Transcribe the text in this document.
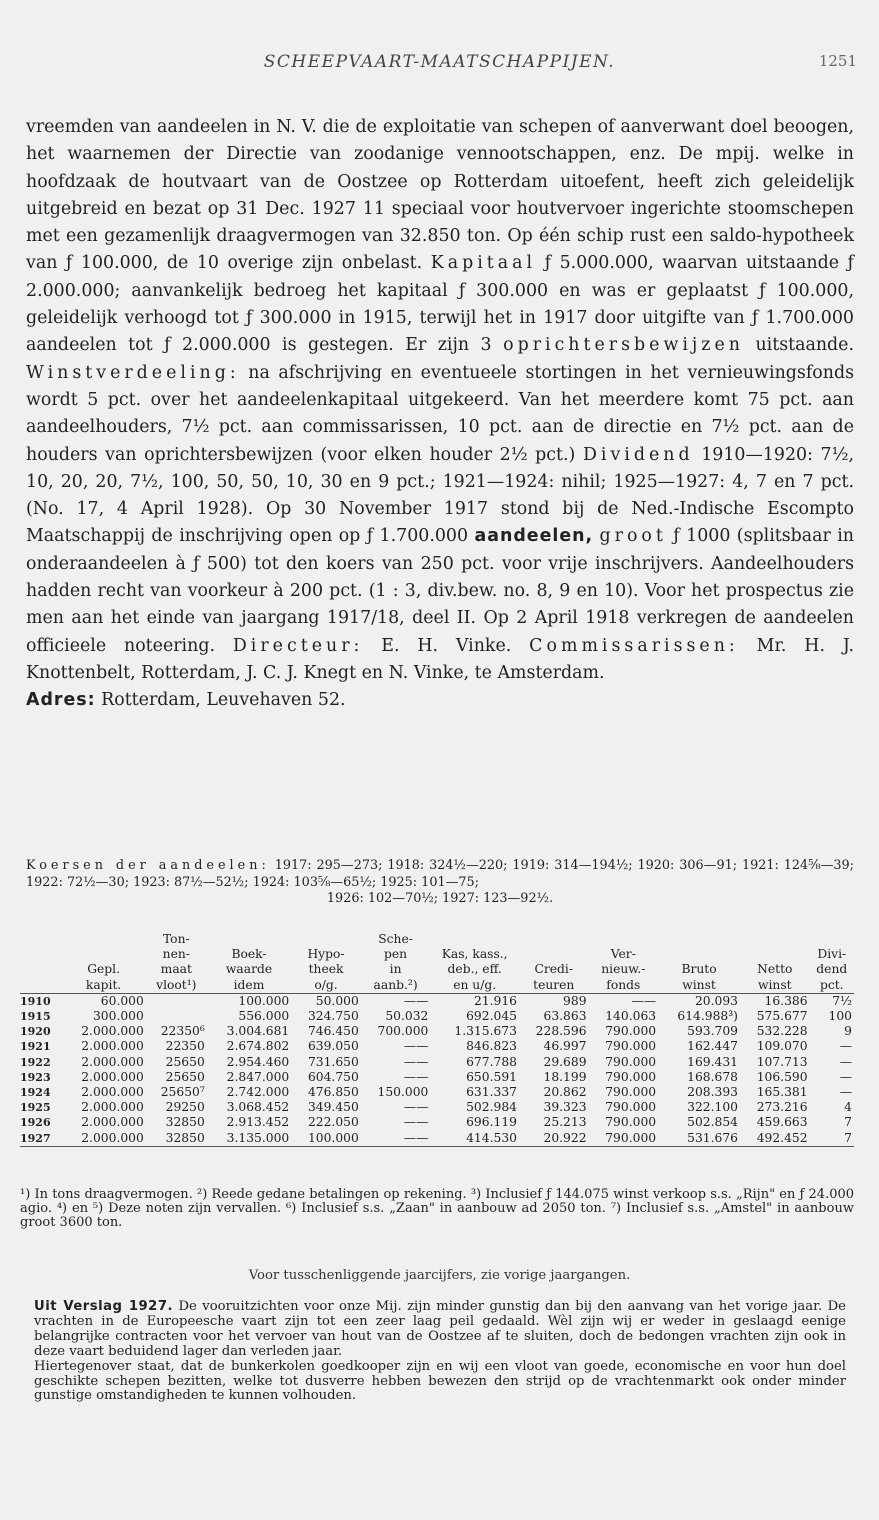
SCHEEPVAART-MAATSCHAPPIJEN.	1251

vreemden van aandeelen in N. V. die de exploitatie van schepen of aanverwant doel beoogen, het waarnemen der Directie van zoodanige vennootschappen, enz. De mpij. welke in hoofdzaak de houtvaart van de Oostzee op Rotterdam uitoefent, heeft zich geleidelijk uitgebreid en bezat op 31 Dec. 1927 11 speciaal voor houtvervoer ingerichte stoomschepen met een gezamenlijk draagvermogen van 32.850 ton. Op één schip rust een saldo-hypotheek van ƒ 100.000, de 10 overige zijn onbelast. Kapitaal ƒ 5.000.000, waarvan uitstaande ƒ 2.000.000; aanvankelijk bedroeg het kapitaal ƒ 300.000 en was er geplaatst ƒ 100.000, geleidelijk verhoogd tot ƒ 300.000 in 1915, terwijl het in 1917 door uitgifte van ƒ 1.700.000 aandeelen tot ƒ 2.000.000 is gestegen. Er zijn 3 oprichtersbewijzen uitstaande. Winstverdeeling: na afschrijving en eventueele stortingen in het vernieuwingsfonds wordt 5 pct. over het aandeelenkapitaal uitgekeerd. Van het meerdere komt 75 pct. aan aandeelhouders, 7½ pct. aan commissarissen, 10 pct. aan de directie en 7½ pct. aan de houders van oprichtersbewijzen (voor elken houder 2½ pct.) Dividend 1910—1920: 7½, 10, 20, 20, 7½, 100, 50, 50, 10, 30 en 9 pct.; 1921—1924: nihil; 1925—1927: 4, 7 en 7 pct. (No. 17, 4 April 1928). Op 30 November 1917 stond bij de Ned.-Indische Escompto Maatschappij de inschrijving open op ƒ 1.700.000 aandeelen, groot ƒ 1000 (splitsbaar in onderaandeelen à ƒ 500) tot den koers van 250 pct. voor vrije inschrijvers. Aandeelhouders hadden recht van voorkeur à 200 pct. (1 : 3, div.bew. no. 8, 9 en 10). Voor het prospectus zie men aan het einde van jaargang 1917/18, deel II. Op 2 April 1918 verkregen de aandeelen officieele noteering. Directeur: E. H. Vinke. Commissarissen: Mr. H. J. Knottenbelt, Rotterdam, J. C. J. Knegt en N. Vinke, te Amsterdam.
Adres: Rotterdam, Leuvehaven 52.

Koersen der aandeelen: 1917: 295—273; 1918: 324½—220; 1919: 314—194½; 1920: 306—91; 1921: 124⅝—39; 1922: 72½—30; 1923: 87½—52½; 1924: 103⅝—65½; 1925: 101—75;
1926: 102—70½; 1927: 123—92½.
		Ton-			Sche-						
		nen-	Boek-	Hypo-	pen	Kas, kass.,		Ver-			Divi-
	Gepl.	maat	waarde	theek	in	deb., eff.	Credi-	nieuw.-	Bruto	Netto	dend
	kapit.	vloot¹)	idem	o/g.	aanb.²)	en u/g.	teuren	fonds	winst	winst	pct.
1910	60.000		100.000	50.000	——	21.916	989	——	20.093	16.386	7½
1915	300.000		556.000	324.750	50.032	692.045	63.863	140.063	614.988³)	575.677	100
1920	2.000.000	22350⁶	3.004.681	746.450	700.000	1.315.673	228.596	790.000	593.709	532.228	9
1921	2.000.000	22350	2.674.802	639.050	——	846.823	46.997	790.000	162.447	109.070	—
1922	2.000.000	25650	2.954.460	731.650	——	677.788	29.689	790.000	169.431	107.713	—
1923	2.000.000	25650	2.847.000	604.750	——	650.591	18.199	790.000	168.678	106.590	—
1924	2.000.000	25650⁷	2.742.000	476.850	150.000	631.337	20.862	790.000	208.393	165.381	—
1925	2.000.000	29250	3.068.452	349.450	——	502.984	39.323	790.000	322.100	273.216	4
1926	2.000.000	32850	2.913.452	222.050	——	696.119	25.213	790.000	502.854	459.663	7
1927	2.000.000	32850	3.135.000	100.000	——	414.530	20.922	790.000	531.676	492.452	7

¹) In tons draagvermogen. ²) Reede gedane betalingen op rekening. ³) Inclusief ƒ 144.075 winst verkoop s.s. „Rijn" en ƒ 24.000 agio. ⁴) en ⁵) Deze noten zijn vervallen. ⁶) Inclusief s.s. „Zaan" in aanbouw ad 2050 ton. ⁷) Inclusief s.s. „Amstel" in aanbouw groot 3600 ton.

Voor tusschenliggende jaarcijfers, zie vorige jaargangen.

Uit Verslag 1927. De vooruitzichten voor onze Mij. zijn minder gunstig dan bij den aanvang van het vorige jaar. De vrachten in de Europeesche vaart zijn tot een zeer laag peil gedaald. Wèl zijn wij er weder in geslaagd eenige belangrijke contracten voor het vervoer van hout van de Oostzee af te sluiten, doch de bedongen vrachten zijn ook in deze vaart beduidend lager dan verleden jaar.

Hiertegenover staat, dat de bunkerkolen goedkooper zijn en wij een vloot van goede, economische en voor hun doel geschikte schepen bezitten, welke tot dusverre hebben bewezen den strijd op de vrachtenmarkt ook onder minder gunstige omstandigheden te kunnen volhouden.
